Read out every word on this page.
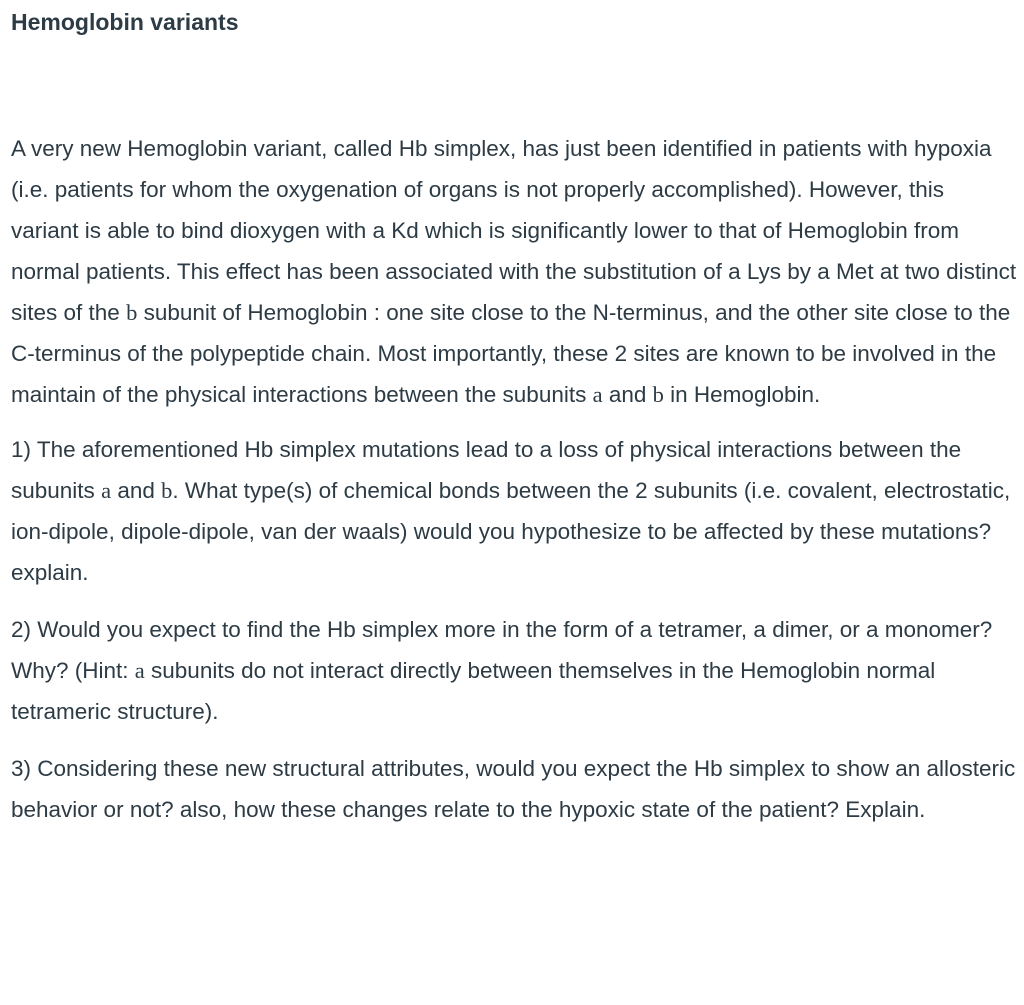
Hemoglobin variants

A very new Hemoglobin variant, called Hb simplex, has just been identified in patients with hypoxia (i.e. patients for whom the oxygenation of organs is not properly accomplished). However, this variant is able to bind dioxygen with a Kd which is significantly lower to that of Hemoglobin from normal patients. This effect has been associated with the substitution of a Lys by a Met at two distinct sites of the b subunit of Hemoglobin : one site close to the N-terminus, and the other site close to the C-terminus of the polypeptide chain. Most importantly, these 2 sites are known to be involved in the maintain of the physical interactions between the subunits a and b in Hemoglobin.

1) The aforementioned Hb simplex mutations lead to a loss of physical interactions between the subunits a and b. What type(s) of chemical bonds between the 2 subunits (i.e. covalent, electrostatic, ion-dipole, dipole-dipole, van der waals) would you hypothesize to be affected by these mutations? explain.

2) Would you expect to find the Hb simplex more in the form of a tetramer, a dimer, or a monomer? Why? (Hint: a subunits do not interact directly between themselves in the Hemoglobin normal tetrameric structure).

3) Considering these new structural attributes, would you expect the Hb simplex to show an allosteric behavior or not? also, how these changes relate to the hypoxic state of the patient? Explain.
